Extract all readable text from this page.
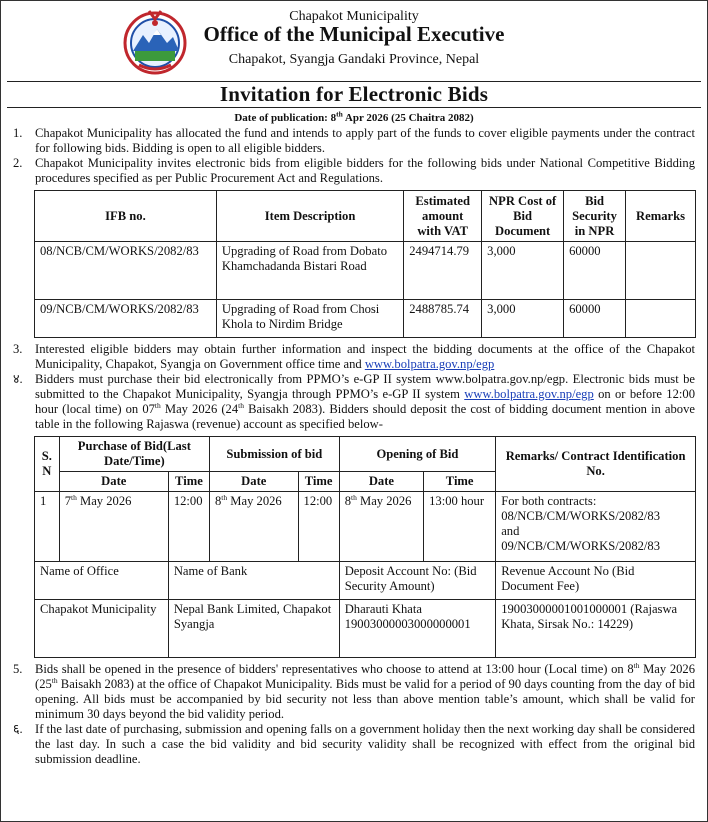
Chapakot Municipality
Office of the Municipal Executive
Chapakot, Syangja Gandaki Province, Nepal
Invitation for Electronic Bids
Date of publication: 8th Apr 2026 (25 Chaitra 2082)

1. Chapakot Municipality has allocated the fund and intends to apply part of the funds to cover eligible payments under the contract for following bids. Bidding is open to all eligible bidders.

2. Chapakot Municipality invites electronic bids from eligible bidders for the following bids under National Competitive Bidding procedures specified as per Public Procurement Act and Regulations.

IFB no.	Item Description	Estimated amount with VAT	NPR Cost of Bid Document	Bid Security in NPR	Remarks
08/NCB/CM/WORKS/2082/83	Upgrading of Road from Dobato Khamchadanda Bistari Road	2494714.79	3,000	60000	
09/NCB/CM/WORKS/2082/83	Upgrading of Road from Chosi Khola to Nirdim Bridge	2488785.74	3,000	60000	

3. Interested eligible bidders may obtain further information and inspect the bidding documents at the office of the Chapakot Municipality, Chapakot, Syangja on Government office time and www.bolpatra.gov.np/egp

४. Bidders must purchase their bid electronically from PPMO’s e-GP II system www.bolpatra.gov.np/egp. Electronic bids must be submitted to the Chapakot Municipality, Syangja through PPMO’s e-GP II system www.bolpatra.gov.np/egp on or before 12:00 hour (local time) on 07th May 2026 (24th Baisakh 2083). Bidders should deposit the cost of bidding document mention in above table in the following Rajaswa (revenue) account as specified below-

S. N	Purchase of Bid(Last Date/Time)		Submission of bid		Opening of Bid		Remarks/ Contract Identification No.
	Date	Time	Date	Time	Date	Time	
1	7th May 2026	12:00	8th May 2026	12:00	8th May 2026	13:00 hour	For both contracts:
08/NCB/CM/WORKS/2082/83
and
09/NCB/CM/WORKS/2082/83

Name of Office		Name of Bank			Deposit Account No: (Bid Security Amount)		Revenue Account No (Bid Document Fee)
Chapakot Municipality		Nepal Bank Limited, Chapakot Syangja			Dharauti Khata 19003000003000000001		19003000001001000001 (Rajaswa Khata, Sirsak No.: 14229)

5. Bids shall be opened in the presence of bidders' representatives who choose to attend at 13:00 hour (Local time) on 8th May 2026 (25th Baisakh 2083) at the office of Chapakot Municipality. Bids must be valid for a period of 90 days counting from the day of bid opening. All bids must be accompanied by bid security not less than above mention table’s amount, which shall be valid for minimum 30 days beyond the bid validity period.

६. If the last date of purchasing, submission and opening falls on a government holiday then the next working day shall be considered the last day. In such a case the bid validity and bid security validity shall be recognized with effect from the original bid submission deadline.
